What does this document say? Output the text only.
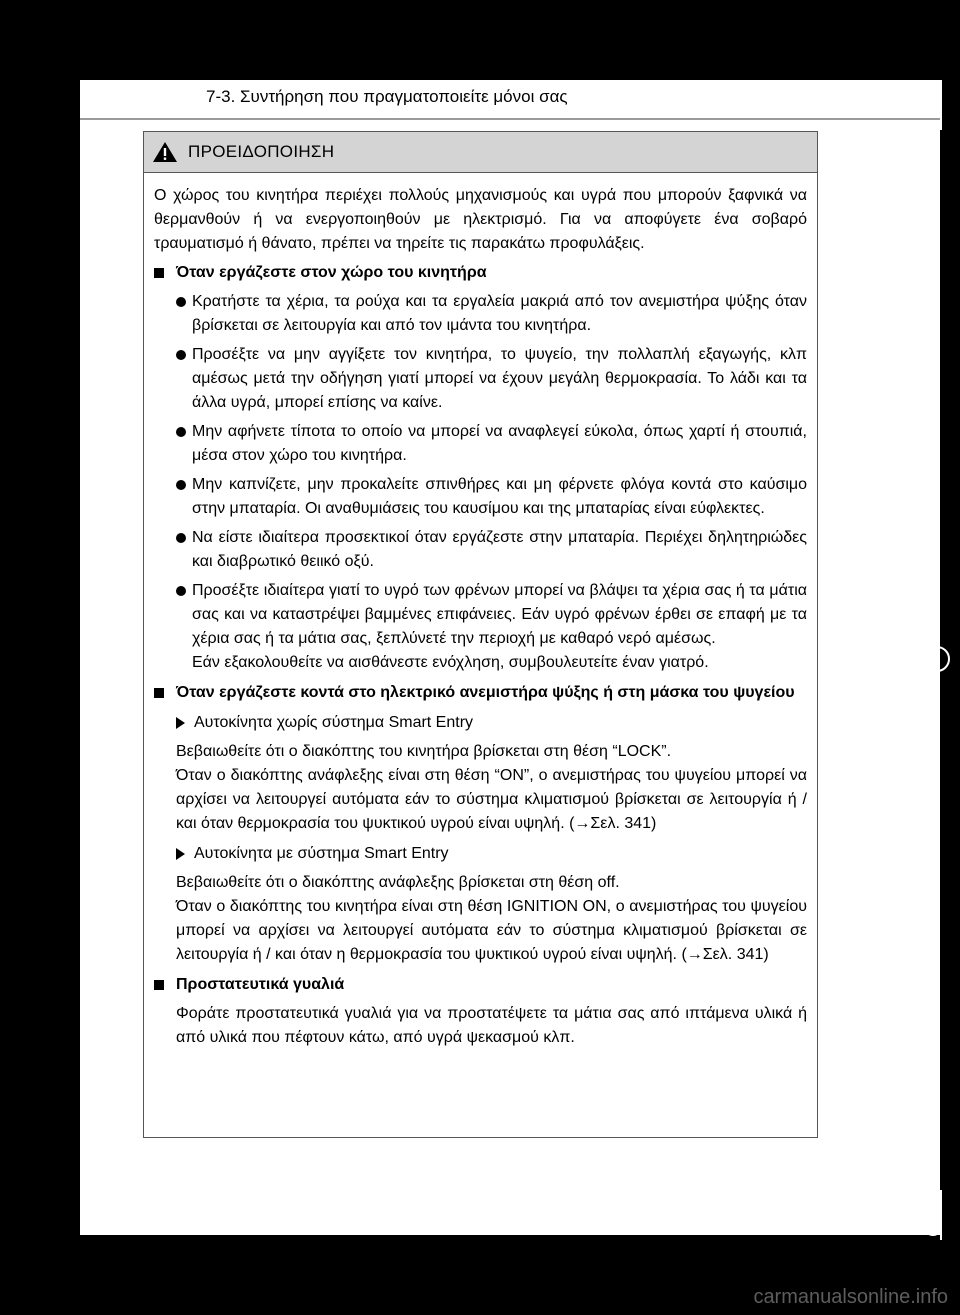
7-3. Συντήρηση που πραγματοποιείτε μόνοι σας
ΠΡΟΕΙΔΟΠΟΙΗΣΗ

Ο χώρος του κινητήρα περιέχει πολλούς μηχανισμούς και υγρά που μπορούν ξαφνικά να θερμανθούν ή να ενεργοποιηθούν με ηλεκτρισμό. Για να αποφύγετε ένα σοβαρό τραυματισμό ή θάνατο, πρέπει να τηρείτε τις παρακάτω προφυλάξεις.

Όταν εργάζεστε στον χώρο του κινητήρα
Κρατήστε τα χέρια, τα ρούχα και τα εργαλεία μακριά από τον ανεμιστήρα ψύξης όταν βρίσκεται σε λειτουργία και από τον ιμάντα του κινητήρα.
Προσέξτε να μην αγγίξετε τον κινητήρα, το ψυγείο, την πολλαπλή εξαγωγής, κλπ αμέσως μετά την οδήγηση γιατί μπορεί να έχουν μεγάλη θερμοκρασία. Το λάδι και τα άλλα υγρά, μπορεί επίσης να καίνε.
Μην αφήνετε τίποτα το οποίο να μπορεί να αναφλεγεί εύκολα, όπως χαρτί ή στουπιά, μέσα στον χώρο του κινητήρα.
Μην καπνίζετε, μην προκαλείτε σπινθήρες και μη φέρνετε φλόγα κοντά στο καύσιμο στην μπαταρία. Οι αναθυμιάσεις του καυσίμου και της μπαταρίας είναι εύφλεκτες.
Να είστε ιδιαίτερα προσεκτικοί όταν εργάζεστε στην μπαταρία. Περιέχει δηλητηριώδες και διαβρωτικό θειικό οξύ.

Προσέξτε ιδιαίτερα γιατί το υγρό των φρένων μπορεί να βλάψει τα χέρια σας ή τα μάτια σας και να καταστρέψει βαμμένες επιφάνειες. Εάν υγρό φρένων έρθει σε επαφή με τα χέρια σας ή τα μάτια σας, ξεπλύνετέ την περιοχή με καθαρό νερό αμέσως.

Εάν εξακολουθείτε να αισθάνεστε ενόχληση, συμβουλευτείτε έναν γιατρό.

Όταν εργάζεστε κοντά στο ηλεκτρικό ανεμιστήρα ψύξης ή στη μάσκα του ψυγείου
Αυτοκίνητα χωρίς σύστημα Smart Entry

Βεβαιωθείτε ότι ο διακόπτης του κινητήρα βρίσκεται στη θέση “LOCK”.

Όταν ο διακόπτης ανάφλεξης είναι στη θέση “ON”, ο ανεμιστήρας του ψυγείου μπορεί να αρχίσει να λειτουργεί αυτόματα εάν το σύστημα κλιματισμού βρίσκεται σε λειτουργία ή / και όταν θερμοκρασία του ψυκτικού υγρού είναι υψηλή. (→Σελ. 341)

Αυτοκίνητα με σύστημα Smart Entry

Βεβαιωθείτε ότι ο διακόπτης ανάφλεξης βρίσκεται στη θέση off.

Όταν ο διακόπτης του κινητήρα είναι στη θέση IGNITION ON, ο ανεμιστήρας του ψυγείου μπορεί να αρχίσει να λειτουργεί αυτόματα εάν το σύστημα κλιματισμού βρίσκεται σε λειτουργία ή / και όταν η θερμοκρασία του ψυκτικού υγρού είναι υψηλή. (→Σελ. 341)

Προστατευτικά γυαλιά

Φοράτε προστατευτικά γυαλιά για να προστατέψετε τα μάτια σας από ιπτάμενα υλικά ή από υλικά που πέφτουν κάτω, από υγρά ψεκασμού κλπ.

carmanualsonline.info
